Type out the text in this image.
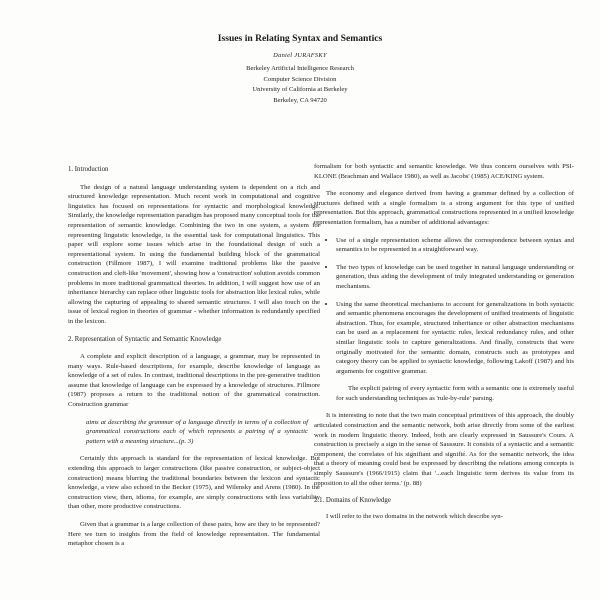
Issues in Relating Syntax and Semantics
Daniel JURAFSKY
Berkeley Artificial Intelligence Research
Computer Science Division
University of California at Berkeley
Berkeley, CA 94720
1. Introduction

The design of a natural language understanding system is dependent on a rich and structured knowledge representation. Much recent work in computational and cognitive linguistics has focused on representations for syntactic and morphological knowledge. Similarly, the knowledge representation paradigm has proposed many conceptual tools for the representation of semantic knowledge. Combining the two in one system, a system for representing linguistic knowledge, is the essential task for computational linguistics. This paper will explore some issues which arise in the foundational design of such a representational system. In using the fundamental building block of the grammatical construction (Fillmore 1987), I will examine traditional problems like the passive construction and cleft-like 'movement', showing how a 'construction' solution avoids common problems in more traditional grammatical theories. In addition, I will suggest how use of an inheritance hierarchy can replace other linguistic tools for abstraction like lexical rules, while allowing the capturing of appealing to shared semantic structures. I will also touch on the issue of lexical region in theories of grammar - whether information is redundantly specified in the lexicon.

2. Representation of Syntactic and Semantic Knowledge

A complete and explicit description of a language, a grammar, may be represented in many ways. Rule-based descriptions, for example, describe knowledge of language as knowledge of a set of rules. In contrast, traditional descriptions in the pre-generative tradition assume that knowledge of language can be expressed by a knowledge of structures. Fillmore (1987) proposes a return to the traditional notion of the grammatical construction. Construction grammar

aims at describing the grammar of a language directly in terms of a collection of grammatical constructions each of which represents a pairing of a syntactic pattern with a meaning structure...(p. 3)

Certainly this approach is standard for the representation of lexical knowledge. But extending this approach to larger constructions (like passive construction, or subject-object construction) means blurring the traditional boundaries between the lexicon and syntactic knowledge, a view also echoed in the Becker (1975), and Wilensky and Arens (1980). In the construction view, then, idioms, for example, are simply constructions with less variability than other, more productive constructions.

Given that a grammar is a large collection of these pairs, how are they to be represented? Here we turn to insights from the field of knowledge representation. The fundamental metaphor chosen is a

formalism for both syntactic and semantic knowledge. We thus concern ourselves with PSI-KLONE (Brachman and Wallace 1980), as well as Jacobs' (1985) ACE/KING system.

The economy and elegance derived from having a grammar defined by a collection of structures defined with a single formalism is a strong argument for this type of unified representation. But this approach, grammatical constructions represented in a unified knowledge representation formalism, has a number of additional advantages:

• Use of a single representation scheme allows the correspondence between syntax and semantics to be represented in a straightforward way.
• The two types of knowledge can be used together in natural language understanding or generation, thus aiding the development of truly integrated understanding or generation mechanisms.
• Using the same theoretical mechanisms to account for generalizations in both syntactic and semantic phenomena encourages the development of unified treatments of linguistic abstraction. Thus, for example, structured inheritance or other abstraction mechanisms can be used as a replacement for syntactic rules, lexical redundancy rules, and other similar linguistic tools to capture generalizations. And finally, constructs that were originally motivated for the semantic domain, constructs such as prototypes and category theory can be applied to syntactic knowledge, following Lakoff (1987) and his arguments for cognitive grammar.

The explicit pairing of every syntactic form with a semantic one is extremely useful for such understanding techniques as 'rule-by-rule' parsing.

It is interesting to note that the two main conceptual primitives of this approach, the doubly articulated construction and the semantic network, both arise directly from some of the earliest work in modern linguistic theory. Indeed, both are clearly expressed in Saussure's Cours. A construction is precisely a sign in the sense of Saussure. It consists of a syntactic and a semantic component, the correlates of his signifiant and signifié. As for the semantic network, the idea that a theory of meaning could best be expressed by describing the relations among concepts is simply Saussure's (1966/1915) claim that '...each linguistic term derives its value from its opposition to all the other terms.' (p. 88)

2.1. Domains of Knowledge

I will refer to the two domains in the network which describe syn-
